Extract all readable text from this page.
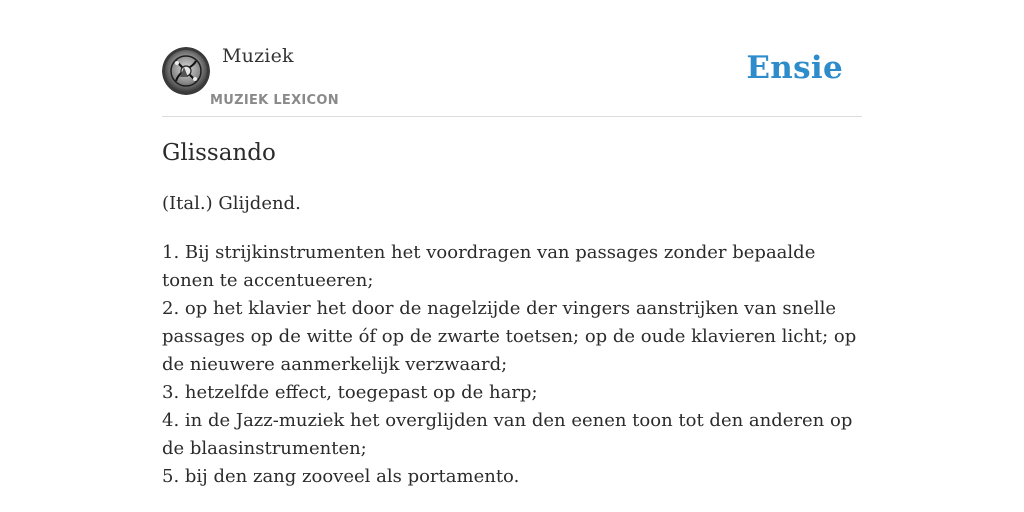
Muziek
MUZIEK LEXICON
Ensie
Glissando

(Ital.) Glijdend.

1. Bij strijkinstrumenten het voordragen van passages zonder bepaalde tonen te accentueeren;
2. op het klavier het door de nagelzijde der vingers aanstrijken van snelle passages op de witte óf op de zwarte toetsen; op de oude klavieren licht; op de nieuwere aanmerkelijk verzwaard;
3. hetzelfde effect, toegepast op de harp;
4. in de Jazz-muziek het overglijden van den eenen toon tot den anderen op de blaasinstrumenten;
5. bij den zang zooveel als portamento.
